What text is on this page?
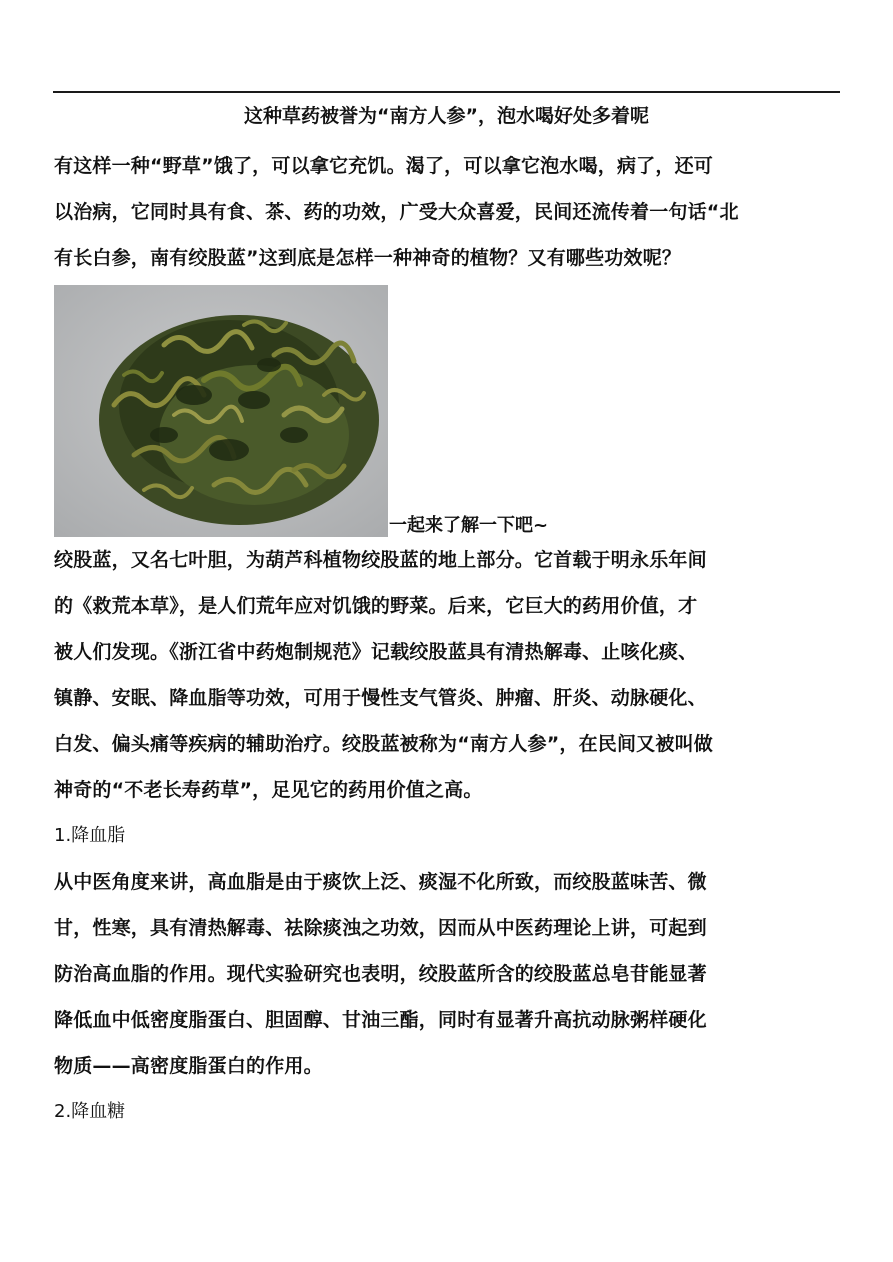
这种草药被誉为“南方人参”，泡水喝好处多着呢

有这样一种“野草”饿了，可以拿它充饥。渴了，可以拿它泡水喝，病了，还可
以治病，它同时具有食、茶、药的功效，广受大众喜爱，民间还流传着一句话“北
有长白参，南有绞股蓝”这到底是怎样一种神奇的植物？又有哪些功效呢？

一起来了解一下吧~

绞股蓝，又名七叶胆，为葫芦科植物绞股蓝的地上部分。它首载于明永乐年间
的《救荒本草》，是人们荒年应对饥饿的野菜。后来，它巨大的药用价值，才
被人们发现。《浙江省中药炮制规范》记载绞股蓝具有清热解毒、止咳化痰、
镇静、安眠、降血脂等功效，可用于慢性支气管炎、肿瘤、肝炎、动脉硬化、
白发、偏头痛等疾病的辅助治疗。绞股蓝被称为“南方人参”，在民间又被叫做
神奇的“不老长寿药草”，足见它的药用价值之高。

1.降血脂

从中医角度来讲，高血脂是由于痰饮上泛、痰湿不化所致，而绞股蓝味苦、微
甘，性寒，具有清热解毒、祛除痰浊之功效，因而从中医药理论上讲，可起到
防治高血脂的作用。现代实验研究也表明，绞股蓝所含的绞股蓝总皂苷能显著
降低血中低密度脂蛋白、胆固醇、甘油三酯，同时有显著升高抗动脉粥样硬化
物质——高密度脂蛋白的作用。

2.降血糖
